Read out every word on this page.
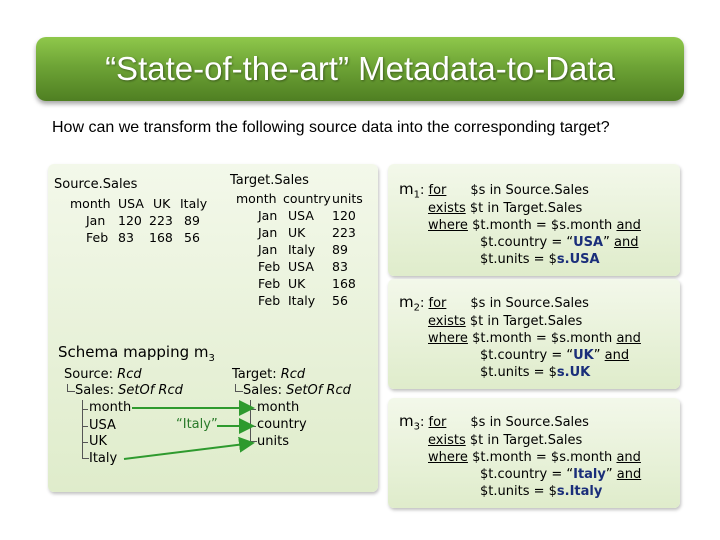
“State-of-the-art” Metadata-to-Data
How can we transform the following source data into the corresponding target?
Source.Sales
month USA UK Italy
Jan 120 223 89
Feb 83 168 56
Target.Sales
month country units
Jan USA 120
Jan UK 223
Jan Italy 89
Feb USA 83
Feb UK 168
Feb Italy 56
Schema mapping $m_3$
Source: Rcd
Sales: SetOf Rcd
month
USA
UK
Italy
“Italy”
Target: Rcd
Sales: SetOf Rcd
month
country
units
$m_1$: for $s in Source.Sales
exists $t in Target.Sales
where $t.month = $s.month and
$t.country = “USA” and
$t.units = $s.USA
$m_2$: for $s in Source.Sales
exists $t in Target.Sales
where $t.month = $s.month and
$t.country = “UK” and
$t.units = $s.UK
$m_3$: for $s in Source.Sales
exists $t in Target.Sales
where $t.month = $s.month and
$t.country = “Italy” and
$t.units = $s.Italy
